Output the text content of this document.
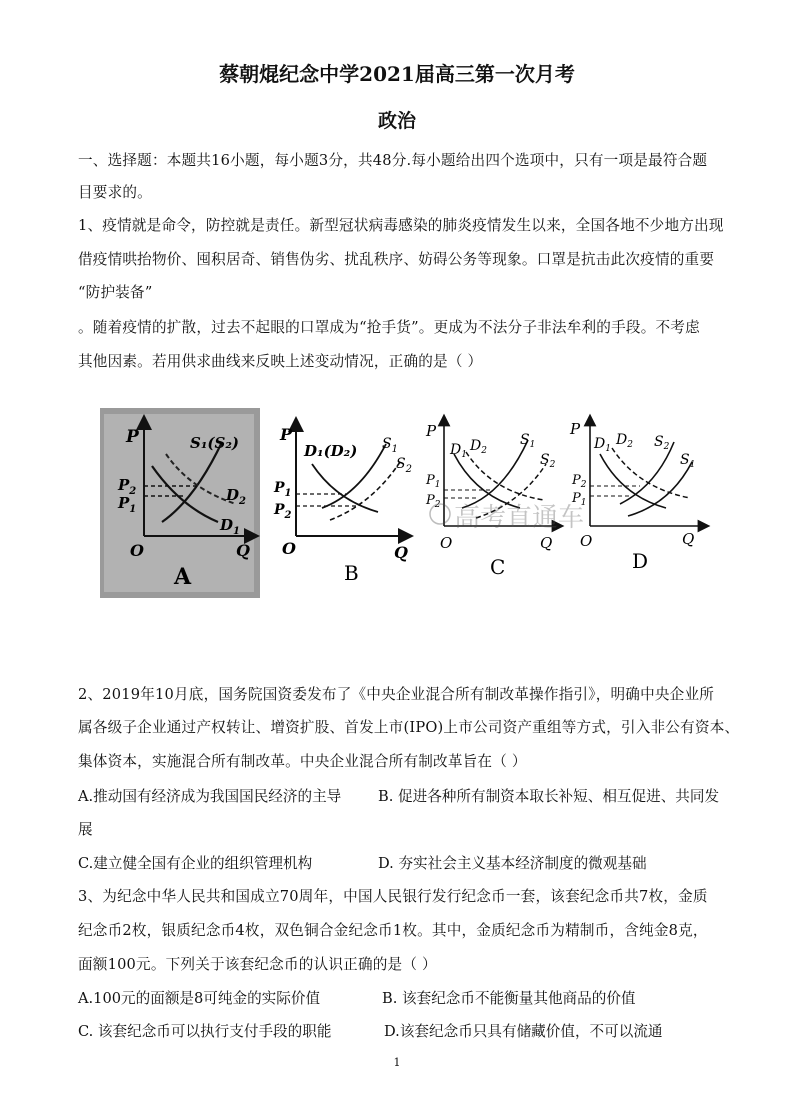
蔡朝焜纪念中学2021届高三第一次月考
政治
一、选择题：本题共16小题，每小题3分，共48分.每小题给出四个选项中，只有一项是最符合题
目要求的。
1、疫情就是命令，防控就是责任。新型冠状病毒感染的肺炎疫情发生以来，全国各地不少地方出现
借疫情哄抬物价、囤积居奇、销售伪劣、扰乱秩序、妨碍公务等现象。口罩是抗击此次疫情的重要
“防护装备”
。随着疫情的扩散，过去不起眼的口罩成为“抢手货”。更成为不法分子非法牟利的手段。不考虑
其他因素。若用供求曲线来反映上述变动情况，正确的是（ ）
P
O	Q
$P_2$
$P_1$
S₁(S₂)
$D_2$
$D_1$
A
P
O	Q
$P_1$
$P_2$
D₁(D₂) $S_1$
$S_2$
B
P
O	Q
$P_1$
$P_2$
$D_1$
$D_2$
$S_1$
$S_2$
C
P
O	Q
$P_2$
$P_1$
$D_1$
$D_2$ $S_2$
$S_1$
D
高考直通车
2、2019年10月底，国务院国资委发布了《中央企业混合所有制改革操作指引》，明确中央企业所
属各级子企业通过产权转让、增资扩股、首发上市(IPO)上市公司资产重组等方式，引入非公有资本、
集体资本，实施混合所有制改革。中央企业混合所有制改革旨在（ ）
A.推动国有经济成为我国国民经济的主导	B. 促进各种所有制资本取长补短、相互促进、共同发
展
C.建立健全国有企业的组织管理机构	D. 夯实社会主义基本经济制度的微观基础
3、为纪念中华人民共和国成立70周年，中国人民银行发行纪念币一套，该套纪念币共7枚，金质
纪念币2枚，银质纪念币4枚，双色铜合金纪念币1枚。其中，金质纪念币为精制币，含纯金8克，
面额100元。下列关于该套纪念币的认识正确的是（ ）
A.100元的面额是8可纯金的实际价值	B. 该套纪念币不能衡量其他商品的价值
C. 该套纪念币可以执行支付手段的职能	D.该套纪念币只具有储藏价值，不可以流通
1
